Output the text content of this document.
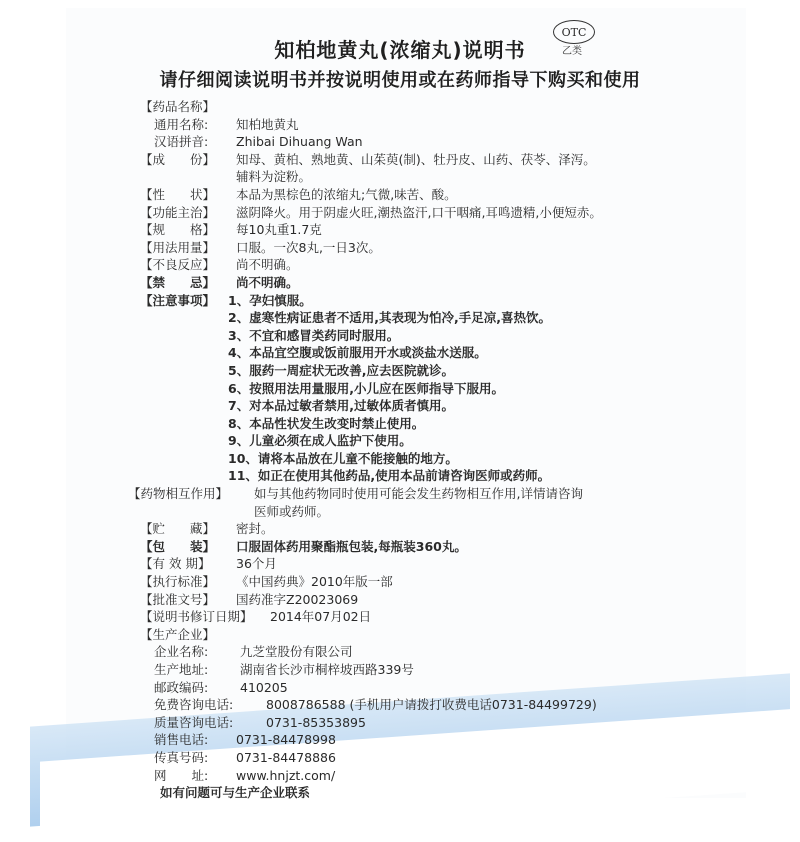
知柏地黄丸(浓缩丸)说明书
请仔细阅读说明书并按说明使用或在药师指导下购买和使用
OTC
乙类
【药品名称】
通用名称:	知柏地黄丸
汉语拼音:	Zhibai Dihuang Wan
【成　　份】	知母、黄柏、熟地黄、山茱萸(制)、牡丹皮、山药、茯苓、泽泻。
辅料为淀粉。
【性　　状】	本品为黑棕色的浓缩丸;气微,味苦、酸。
【功能主治】	滋阴降火。用于阴虚火旺,潮热盗汗,口干咽痛,耳鸣遗精,小便短赤。
【规　　格】	每10丸重1.7克
【用法用量】	口服。一次8丸,一日3次。
【不良反应】	尚不明确。
【禁　　忌】	尚不明确。
【注意事项】	1、孕妇慎服。
2、虚寒性病证患者不适用,其表现为怕冷,手足凉,喜热饮。
3、不宜和感冒类药同时服用。
4、本品宜空腹或饭前服用开水或淡盐水送服。
5、服药一周症状无改善,应去医院就诊。
6、按照用法用量服用,小儿应在医师指导下服用。
7、对本品过敏者禁用,过敏体质者慎用。
8、本品性状发生改变时禁止使用。
9、儿童必须在成人监护下使用。
10、请将本品放在儿童不能接触的地方。
11、如正在使用其他药品,使用本品前请咨询医师或药师。
【药物相互作用】	如与其他药物同时使用可能会发生药物相互作用,详情请咨询
医师或药师。
【贮　　藏】	密封。
【包　　装】	口服固体药用聚酯瓶包装,每瓶装360丸。
【有 效 期】	36个月
【执行标准】	《中国药典》2010年版一部
【批准文号】	国药准字Z20023069
【说明书修订日期】	2014年07月02日
【生产企业】
企业名称:	九芝堂股份有限公司
生产地址:	湖南省长沙市桐梓坡西路339号
邮政编码:	410205
免费咨询电话:	8008786588 (手机用户请拨打收费电话0731-84499729)
质量咨询电话:	0731-85353895
销售电话:	0731-84478998
传真号码:	0731-84478886
网　　址:	www.hnjzt.com/
如有问题可与生产企业联系
